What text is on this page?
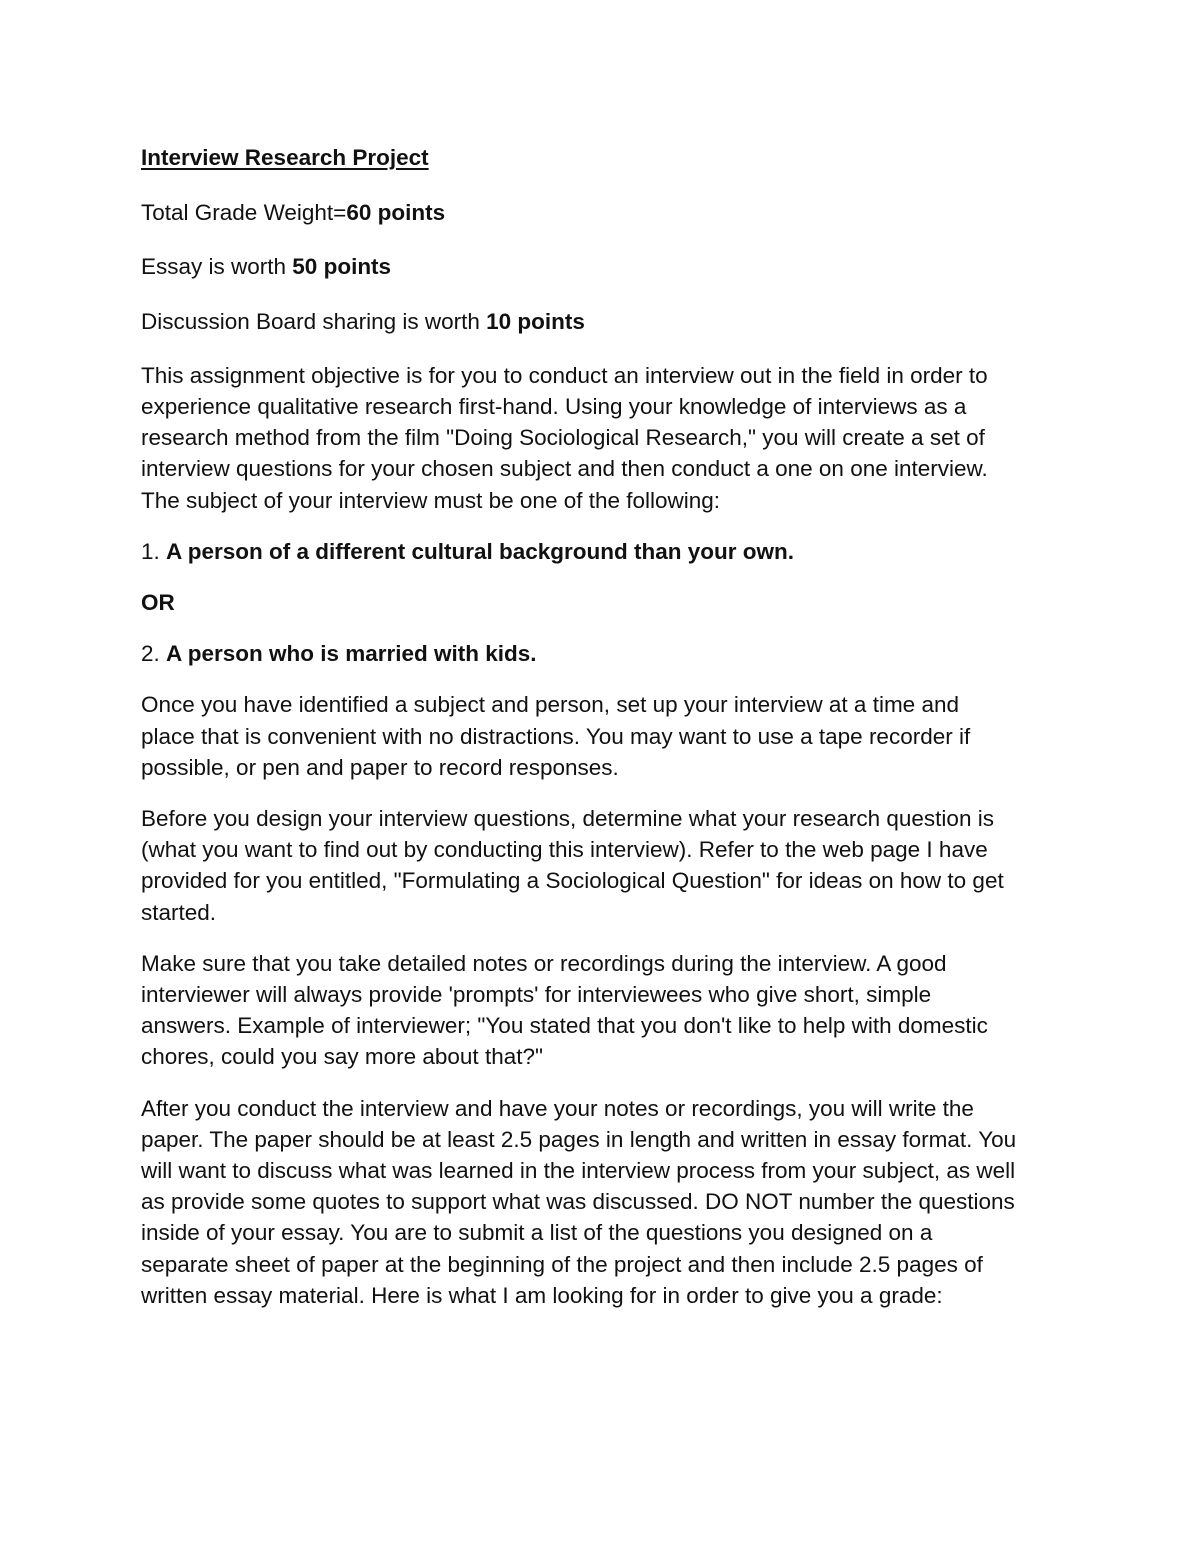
Interview Research Project
Total Grade Weight=60 points
Essay is worth 50 points
Discussion Board sharing is worth 10 points
This assignment objective is for you to conduct an interview out in the field in order to
experience qualitative research first-hand. Using your knowledge of interviews as a
research method from the film "Doing Sociological Research," you will create a set of
interview questions for your chosen subject and then conduct a one on one interview.
The subject of your interview must be one of the following:
1. A person of a different cultural background than your own.
OR
2. A person who is married with kids.
Once you have identified a subject and person, set up your interview at a time and
place that is convenient with no distractions. You may want to use a tape recorder if
possible, or pen and paper to record responses.
Before you design your interview questions, determine what your research question is
(what you want to find out by conducting this interview). Refer to the web page I have
provided for you entitled, "Formulating a Sociological Question" for ideas on how to get
started.
Make sure that you take detailed notes or recordings during the interview. A good
interviewer will always provide 'prompts' for interviewees who give short, simple
answers. Example of interviewer; "You stated that you don't like to help with domestic
chores, could you say more about that?"
After you conduct the interview and have your notes or recordings, you will write the
paper. The paper should be at least 2.5 pages in length and written in essay format. You
will want to discuss what was learned in the interview process from your subject, as well
as provide some quotes to support what was discussed. DO NOT number the questions
inside of your essay. You are to submit a list of the questions you designed on a
separate sheet of paper at the beginning of the project and then include 2.5 pages of
written essay material. Here is what I am looking for in order to give you a grade:
